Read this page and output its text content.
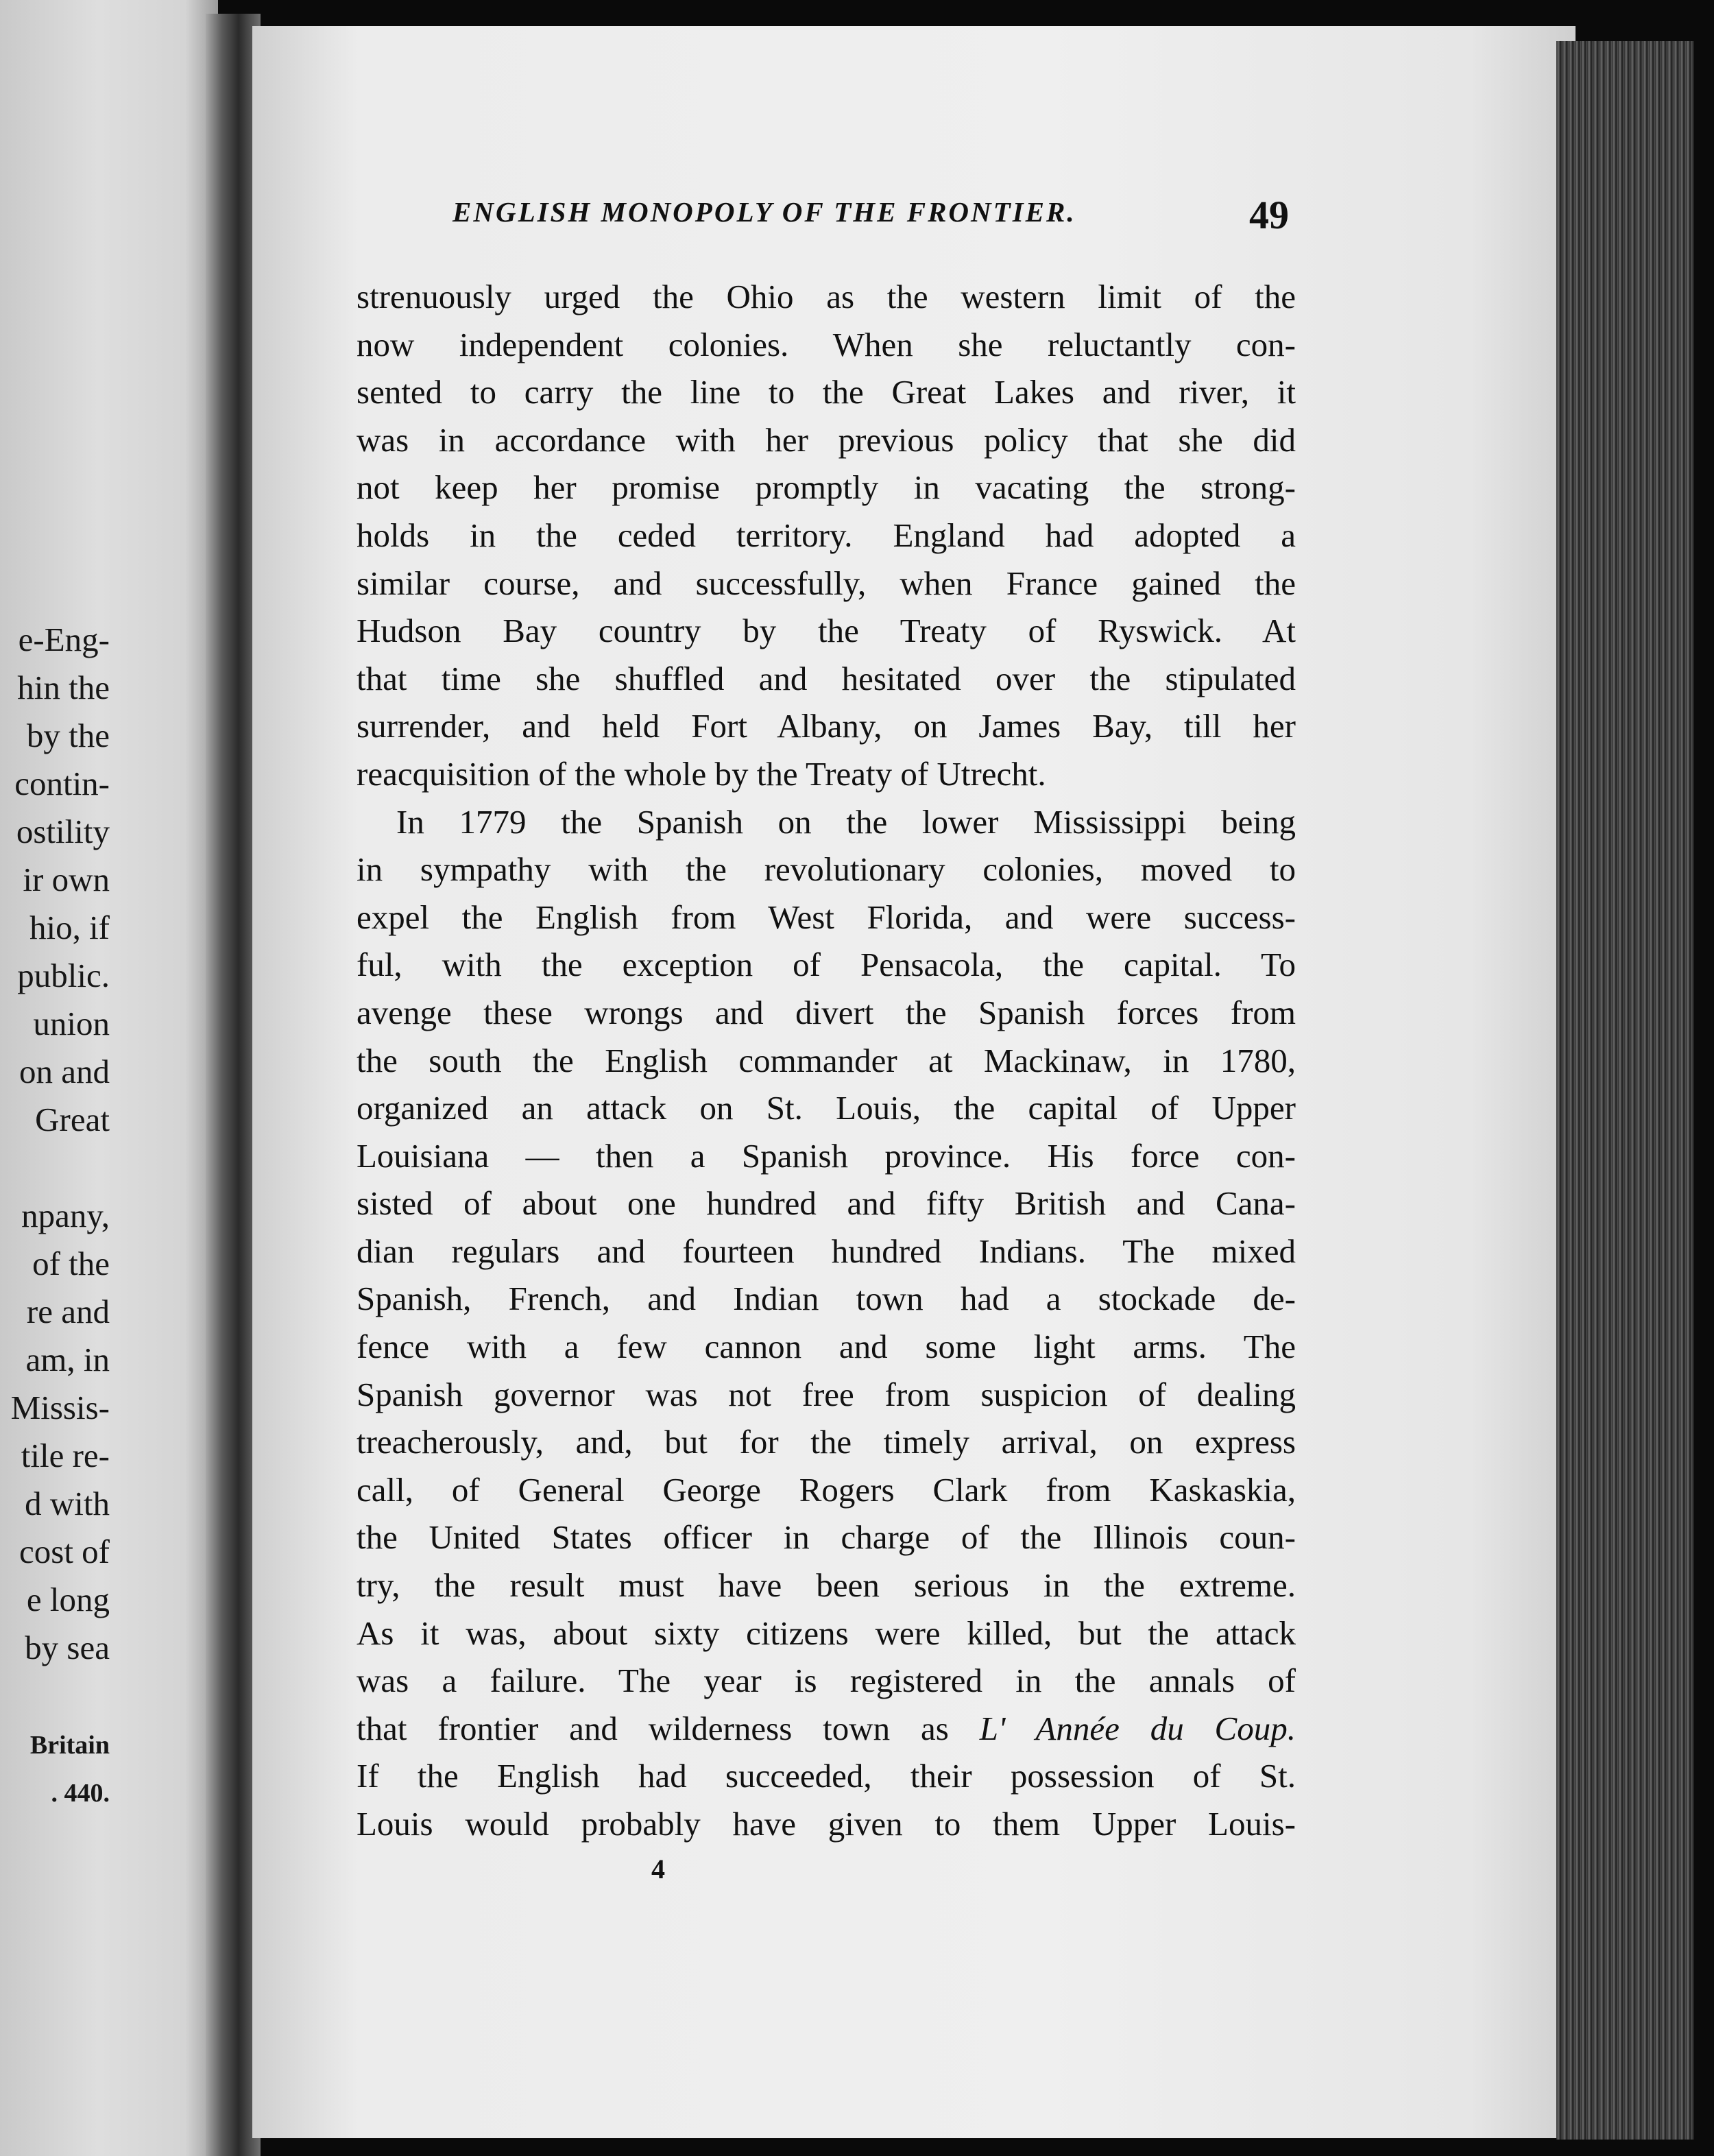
e-Eng-
hin the
by the
contin-
ostility
ir own
hio, if
public.
union
on and
Great
npany,
of the
re and
am, in
Missis-
tile re-
d with
cost of
e long
by sea
Britain
. 440.
ENGLISH MONOPOLY OF THE FRONTIER.	49
strenuously urged the Ohio as the western limit of the
now independent colonies. When she reluctantly con-
sented to carry the line to the Great Lakes and river, it
was in accordance with her previous policy that she did
not keep her promise promptly in vacating the strong-
holds in the ceded territory. England had adopted a
similar course, and successfully, when France gained the
Hudson Bay country by the Treaty of Ryswick. At
that time she shuffled and hesitated over the stipulated
surrender, and held Fort Albany, on James Bay, till her
reacquisition of the whole by the Treaty of Utrecht.
In 1779 the Spanish on the lower Mississippi being
in sympathy with the revolutionary colonies, moved to
expel the English from West Florida, and were success-
ful, with the exception of Pensacola, the capital. To
avenge these wrongs and divert the Spanish forces from
the south the English commander at Mackinaw, in 1780,
organized an attack on St. Louis, the capital of Upper
Louisiana — then a Spanish province. His force con-
sisted of about one hundred and fifty British and Cana-
dian regulars and fourteen hundred Indians. The mixed
Spanish, French, and Indian town had a stockade de-
fence with a few cannon and some light arms. The
Spanish governor was not free from suspicion of dealing
treacherously, and, but for the timely arrival, on express
call, of General George Rogers Clark from Kaskaskia,
the United States officer in charge of the Illinois coun-
try, the result must have been serious in the extreme.
As it was, about sixty citizens were killed, but the attack
was a failure. The year is registered in the annals of
that frontier and wilderness town as L' Année du Coup.
If the English had succeeded, their possession of St.
Louis would probably have given to them Upper Louis-
4
